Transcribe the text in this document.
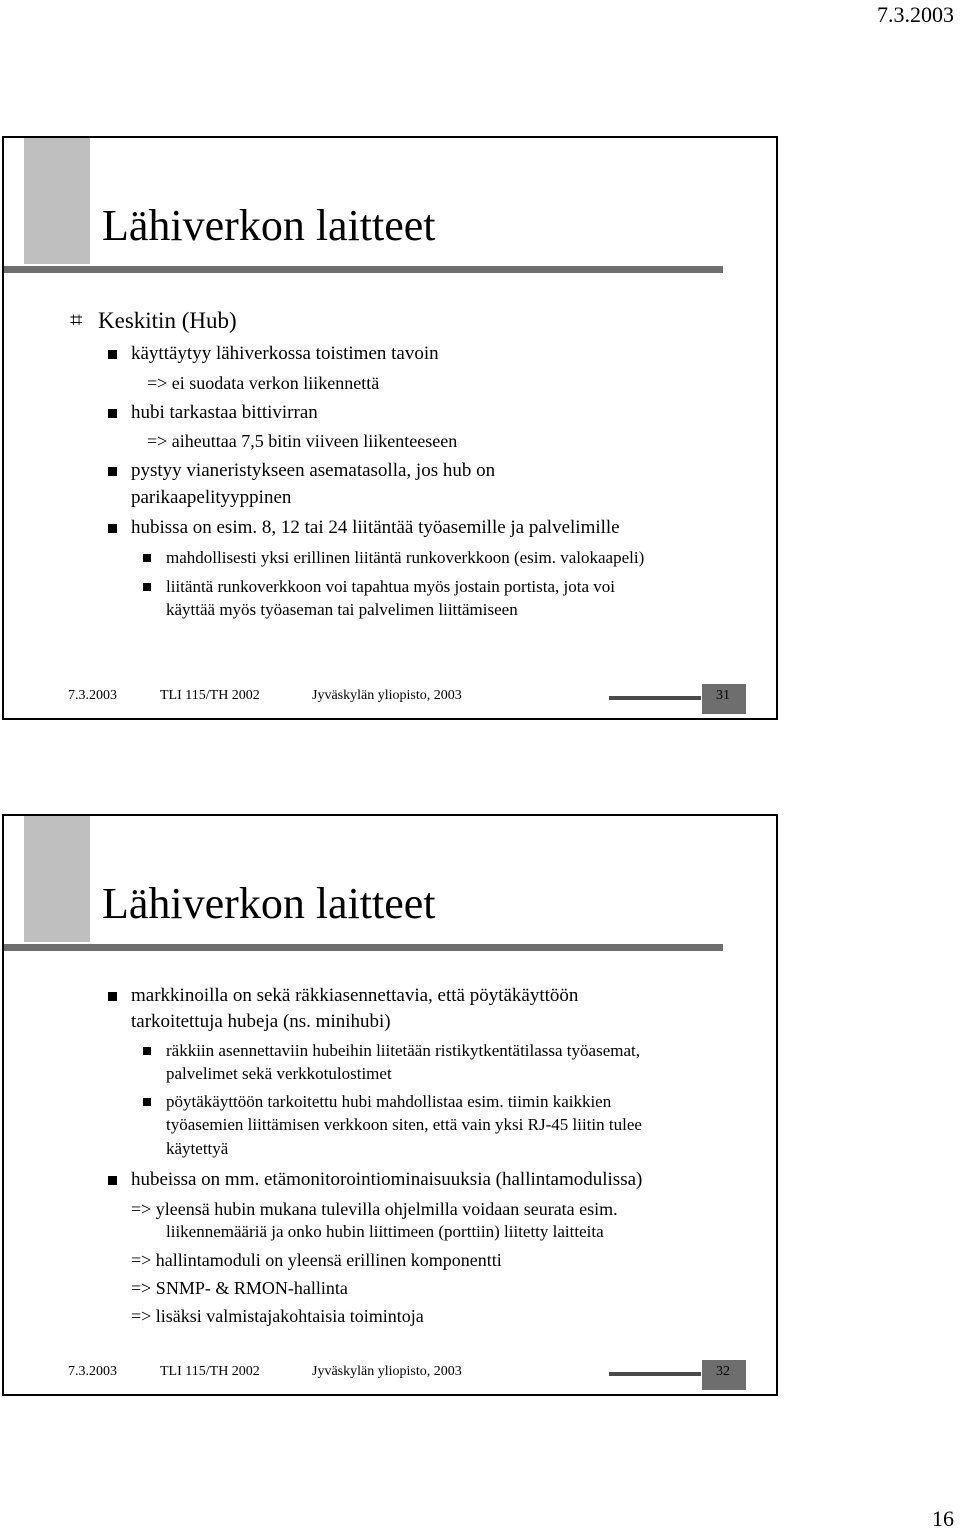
7.3.2003
Lähiverkon laitteet
⌗ Keskitin (Hub)
käyttäytyy lähiverkossa toistimen tavoin
=> ei suodata verkon liikennettä
hubi tarkastaa bittivirran
=> aiheuttaa 7,5 bitin viiveen liikenteeseen
pystyy vianeristykseen asematasolla, jos hub on
parikaapelityyppinen
hubissa on esim. 8, 12 tai 24 liitäntää työasemille ja palvelimille
mahdollisesti yksi erillinen liitäntä runkoverkkoon (esim. valokaapeli)
liitäntä runkoverkkoon voi tapahtua myös jostain portista, jota voi
käyttää myös työaseman tai palvelimen liittämiseen
7.3.2003	TLI 115/TH 2002	Jyväskylän yliopisto, 2003	31
Lähiverkon laitteet
markkinoilla on sekä räkkiasennettavia, että pöytäkäyttöön
tarkoitettuja hubeja (ns. minihubi)
räkkiin asennettaviin hubeihin liitetään ristikytkentätilassa työasemat,
palvelimet sekä verkkotulostimet
pöytäkäyttöön tarkoitettu hubi mahdollistaa esim. tiimin kaikkien
työasemien liittämisen verkkoon siten, että vain yksi RJ-45 liitin tulee
käytettyä
hubeissa on mm. etämonitorointiominaisuuksia (hallintamodulissa)
=> yleensä hubin mukana tulevilla ohjelmilla voidaan seurata esim.
liikennemääriä ja onko hubin liittimeen (porttiin) liitetty laitteita
=> hallintamoduli on yleensä erillinen komponentti
=> SNMP- & RMON-hallinta
=> lisäksi valmistajakohtaisia toimintoja
7.3.2003	TLI 115/TH 2002	Jyväskylän yliopisto, 2003	32
16
